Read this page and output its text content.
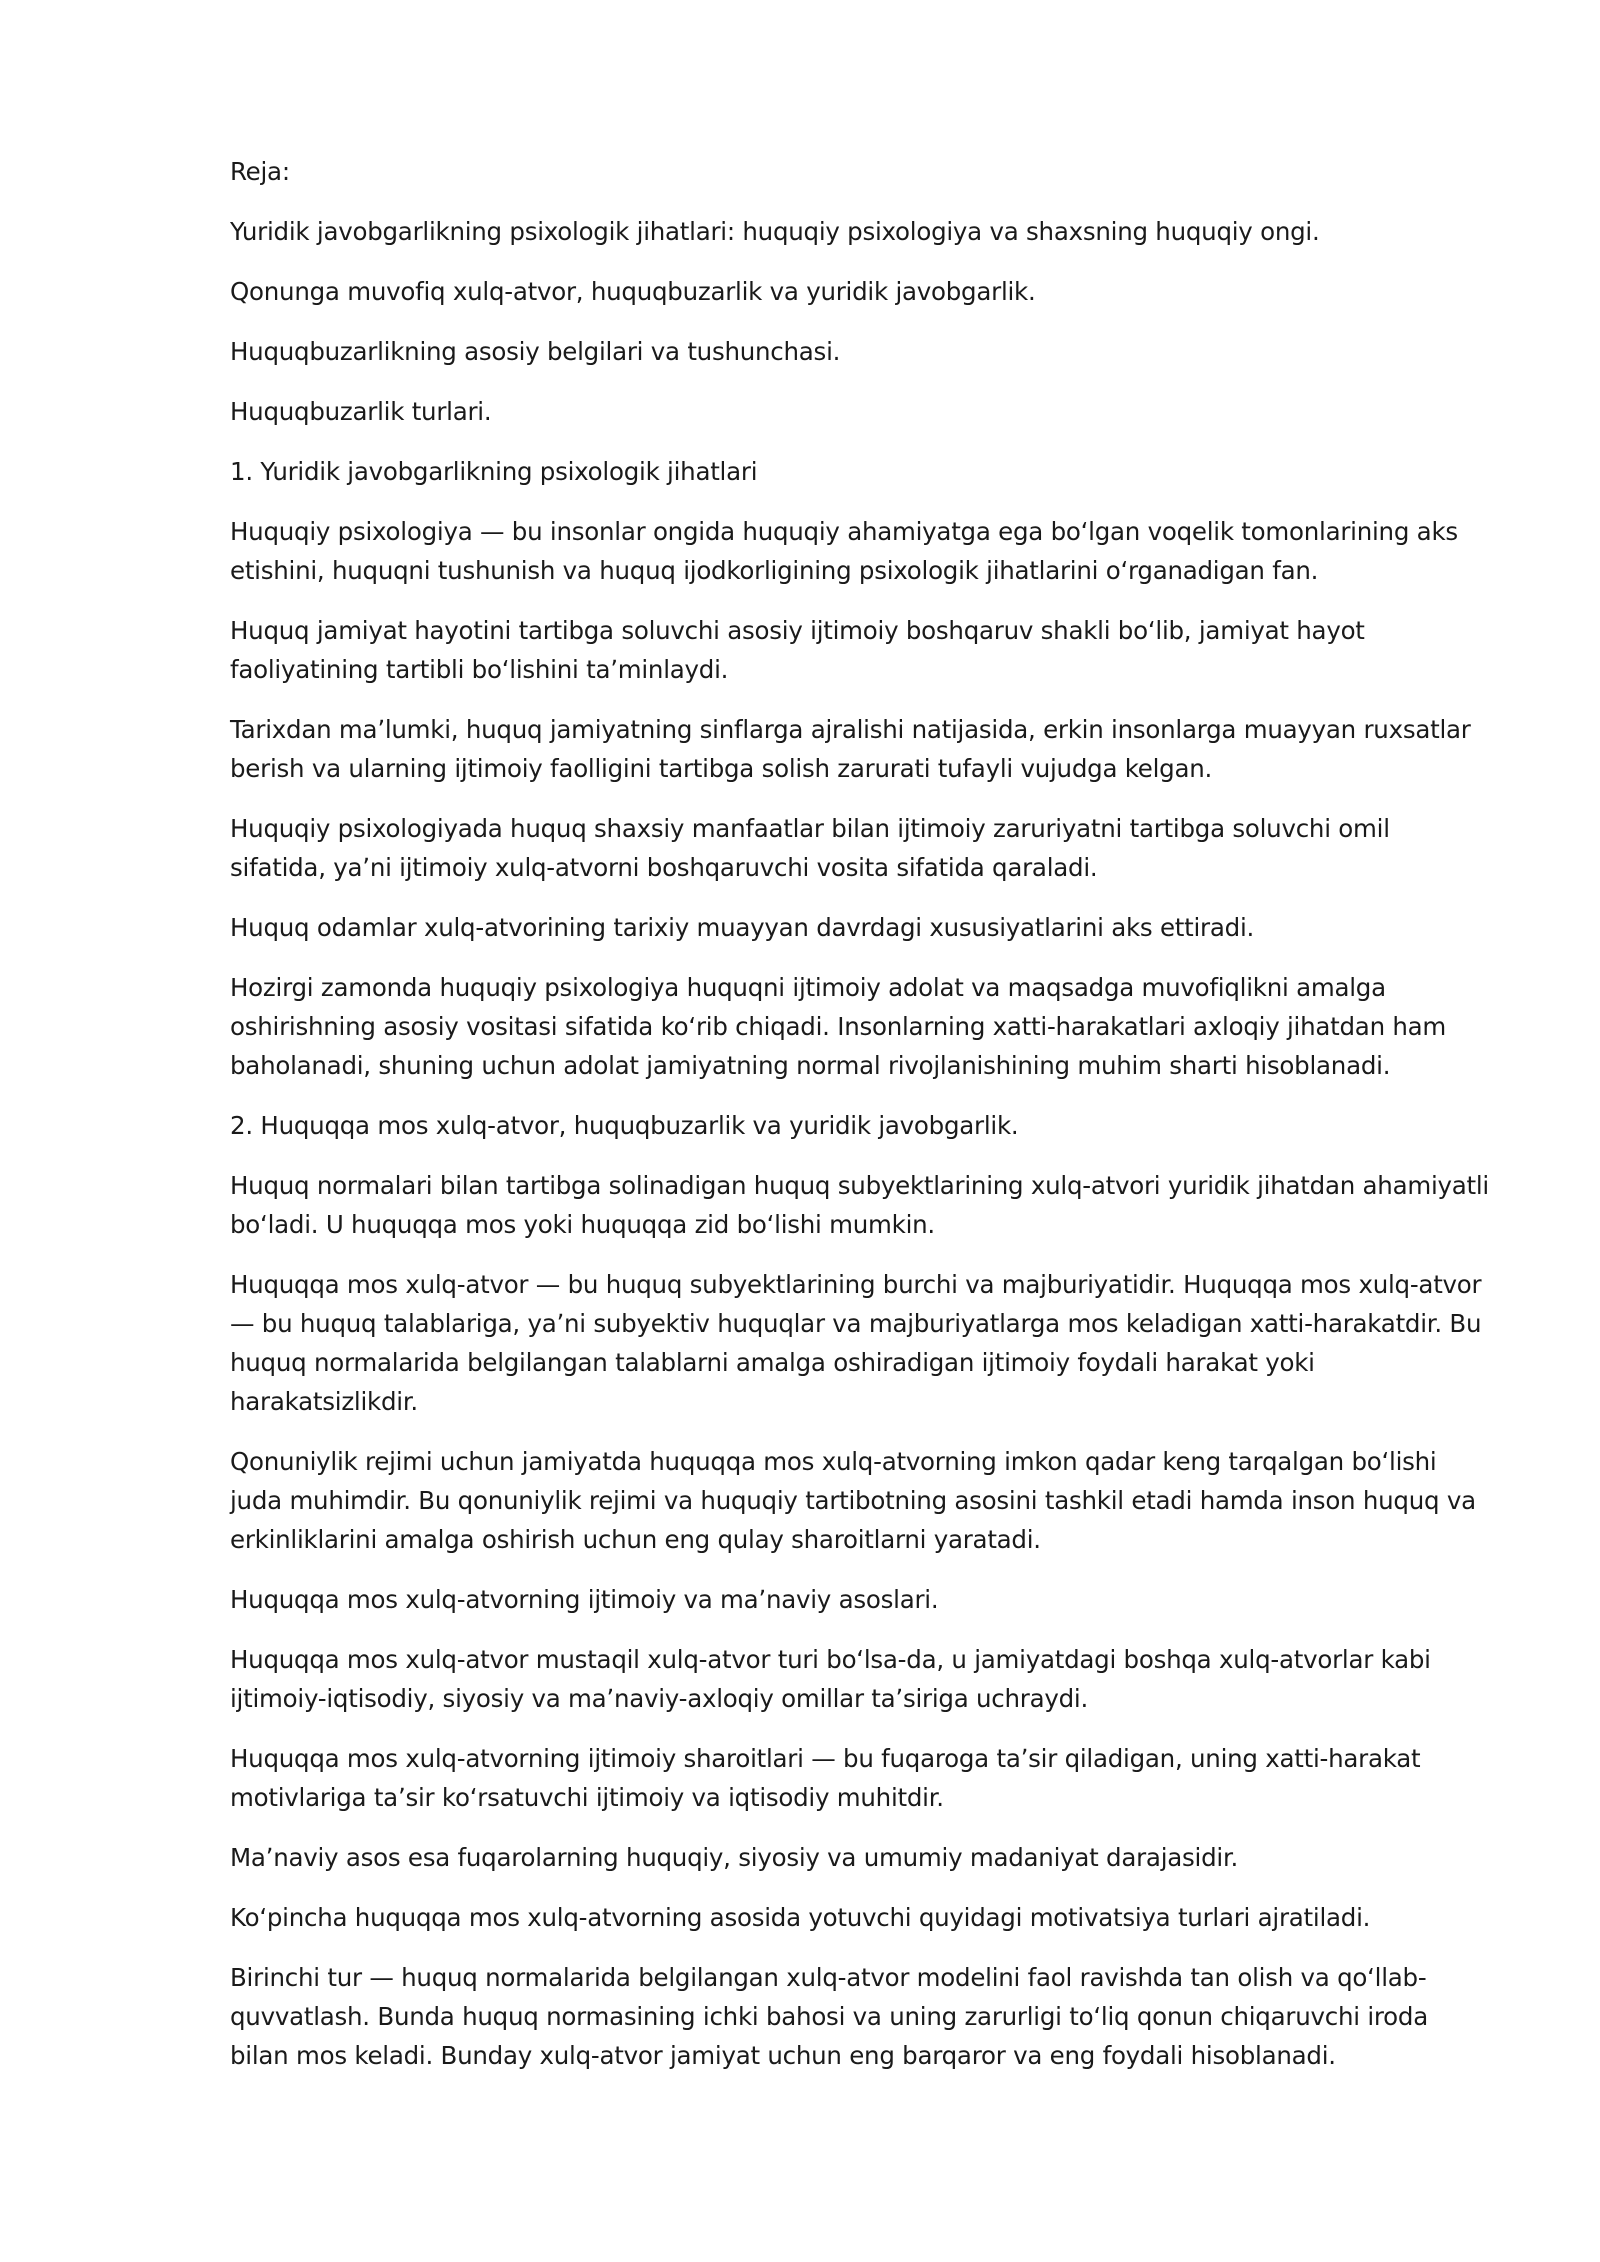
Reja:

Yuridik javobgarlikning psixologik jihatlari: huquqiy psixologiya va shaxsning huquqiy ongi.

Qonunga muvofiq xulq-atvor, huquqbuzarlik va yuridik javobgarlik.

Huquqbuzarlikning asosiy belgilari va tushunchasi.

Huquqbuzarlik turlari.

1. Yuridik javobgarlikning psixologik jihatlari

Huquqiy psixologiya — bu insonlar ongida huquqiy ahamiyatga ega boʻlgan voqelik tomonlarining aks etishini, huquqni tushunish va huquq ijodkorligining psixologik jihatlarini oʻrganadigan fan.

Huquq jamiyat hayotini tartibga soluvchi asosiy ijtimoiy boshqaruv shakli boʻlib, jamiyat hayot faoliyatining tartibli boʻlishini taʼminlaydi.

Tarixdan maʼlumki, huquq jamiyatning sinflarga ajralishi natijasida, erkin insonlarga muayyan ruxsatlar berish va ularning ijtimoiy faolligini tartibga solish zarurati tufayli vujudga kelgan.

Huquqiy psixologiyada huquq shaxsiy manfaatlar bilan ijtimoiy zaruriyatni tartibga soluvchi omil sifatida, yaʼni ijtimoiy xulq-atvorni boshqaruvchi vosita sifatida qaraladi.

Huquq odamlar xulq-atvorining tarixiy muayyan davrdagi xususiyatlarini aks ettiradi.

Hozirgi zamonda huquqiy psixologiya huquqni ijtimoiy adolat va maqsadga muvofiqlikni amalga oshirishning asosiy vositasi sifatida koʻrib chiqadi. Insonlarning xatti-harakatlari axloqiy jihatdan ham baholanadi, shuning uchun adolat jamiyatning normal rivojlanishining muhim sharti hisoblanadi.

2. Huquqqa mos xulq-atvor, huquqbuzarlik va yuridik javobgarlik.

Huquq normalari bilan tartibga solinadigan huquq subyektlarining xulq-atvori yuridik jihatdan ahamiyatli boʻladi. U huquqqa mos yoki huquqqa zid boʻlishi mumkin.

Huquqqa mos xulq-atvor — bu huquq subyektlarining burchi va majburiyatidir. Huquqqa mos xulq-atvor — bu huquq talablariga, yaʼni subyektiv huquqlar va majburiyatlarga mos keladigan xatti-harakatdir. Bu huquq normalarida belgilangan talablarni amalga oshiradigan ijtimoiy foydali harakat yoki harakatsizlikdir.

Qonuniylik rejimi uchun jamiyatda huquqqa mos xulq-atvorning imkon qadar keng tarqalgan boʻlishi juda muhimdir. Bu qonuniylik rejimi va huquqiy tartibotning asosini tashkil etadi hamda inson huquq va erkinliklarini amalga oshirish uchun eng qulay sharoitlarni yaratadi.

Huquqqa mos xulq-atvorning ijtimoiy va maʼnaviy asoslari.

Huquqqa mos xulq-atvor mustaqil xulq-atvor turi boʻlsa-da, u jamiyatdagi boshqa xulq-atvorlar kabi ijtimoiy-iqtisodiy, siyosiy va maʼnaviy-axloqiy omillar taʼsiriga uchraydi.

Huquqqa mos xulq-atvorning ijtimoiy sharoitlari — bu fuqaroga taʼsir qiladigan, uning xatti-harakat motivlariga taʼsir koʻrsatuvchi ijtimoiy va iqtisodiy muhitdir.

Maʼnaviy asos esa fuqarolarning huquqiy, siyosiy va umumiy madaniyat darajasidir.

Koʻpincha huquqqa mos xulq-atvorning asosida yotuvchi quyidagi motivatsiya turlari ajratiladi.

Birinchi tur — huquq normalarida belgilangan xulq-atvor modelini faol ravishda tan olish va qoʻllab-quvvatlash. Bunda huquq normasining ichki bahosi va uning zarurligi toʻliq qonun chiqaruvchi iroda bilan mos keladi. Bunday xulq-atvor jamiyat uchun eng barqaror va eng foydali hisoblanadi.
